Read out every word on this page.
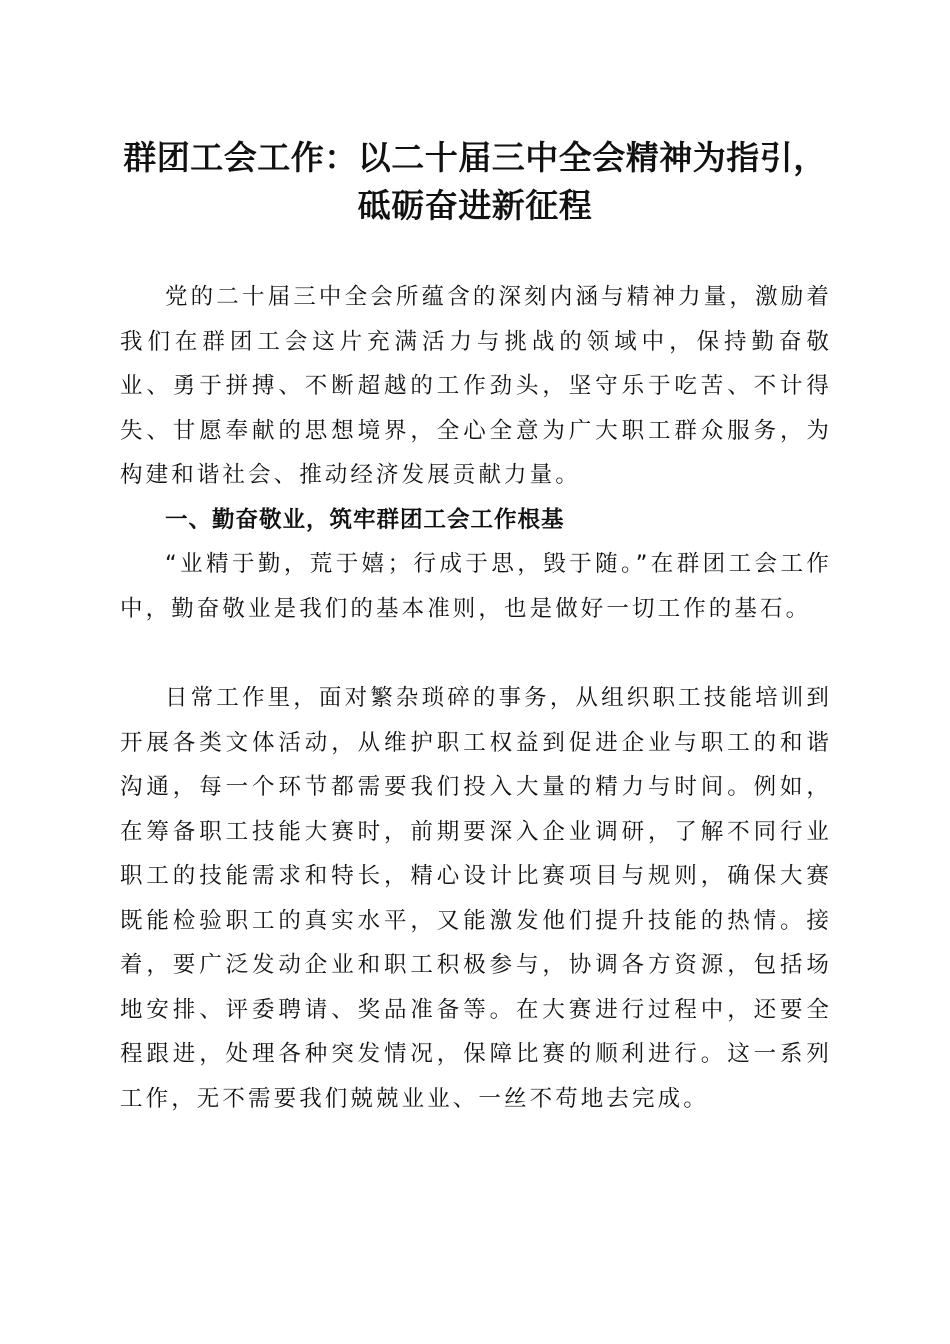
群团工会工作：以二十届三中全会精神为指引，
砥砺奋进新征程

党的二十届三中全会所蕴含的深刻内涵与精神力量，激励着我们在群团工会这片充满活力与挑战的领域中，保持勤奋敬业、勇于拼搏、不断超越的工作劲头，坚守乐于吃苦、不计得失、甘愿奉献的思想境界，全心全意为广大职工群众服务，为构建和谐社会、推动经济发展贡献力量。

一、勤奋敬业，筑牢群团工会工作根基

“业精于勤，荒于嬉；行成于思，毁于随。”在群团工会工作中，勤奋敬业是我们的基本准则，也是做好一切工作的基石。

日常工作里，面对繁杂琐碎的事务，从组织职工技能培训到开展各类文体活动，从维护职工权益到促进企业与职工的和谐沟通，每一个环节都需要我们投入大量的精力与时间。例如，在筹备职工技能大赛时，前期要深入企业调研，了解不同行业职工的技能需求和特长，精心设计比赛项目与规则，确保大赛既能检验职工的真实水平，又能激发他们提升技能的热情。接着，要广泛发动企业和职工积极参与，协调各方资源，包括场地安排、评委聘请、奖品准备等。在大赛进行过程中，还要全程跟进，处理各种突发情况，保障比赛的顺利进行。这一系列工作，无不需要我们兢兢业业、一丝不苟地去完成。
